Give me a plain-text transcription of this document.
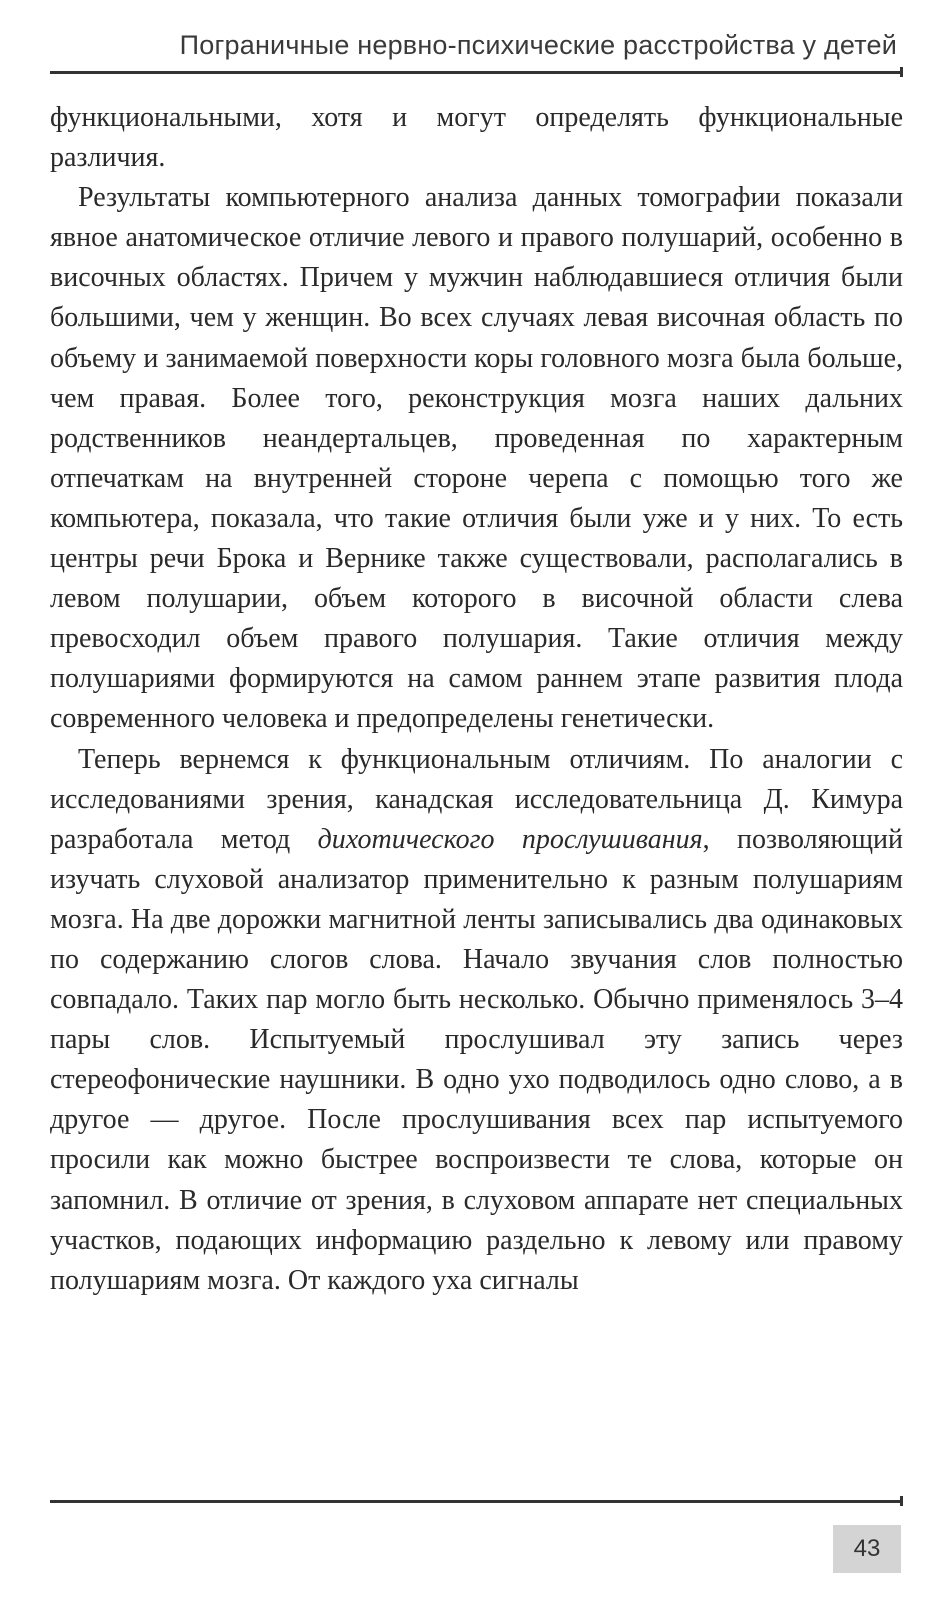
Пограничные нервно-психические расстройства у детей

функциональными, хотя и могут определять функциональные различия.

Результаты компьютерного анализа данных томографии показали явное анатомическое отличие левого и правого полушарий, особенно в височных областях. Причем у мужчин наблюдавшиеся отличия были большими, чем у женщин. Во всех случаях левая височная область по объему и занимаемой поверхности коры головного мозга была больше, чем правая. Более того, реконструкция мозга наших дальних родственников неандертальцев, проведенная по характерным отпечаткам на внутренней стороне черепа с помощью того же компьютера, показала, что такие отличия были уже и у них. То есть центры речи Брока и Вернике также существовали, располагались в левом полушарии, объем которого в височной области слева превосходил объем правого полушария. Такие отличия между полушариями формируются на самом раннем этапе развития плода современного человека и предопределены генетически.

Теперь вернемся к функциональным отличиям. По аналогии с исследованиями зрения, канадская исследовательница Д. Кимура разработала метод дихотического прослушивания, позволяющий изучать слуховой анализатор применительно к разным полушариям мозга. На две дорожки магнитной ленты записывались два одинаковых по содержанию слогов слова. Начало звучания слов полностью совпадало. Таких пар могло быть несколько. Обычно применялось 3–4 пары слов. Испытуемый прослушивал эту запись через стереофонические наушники. В одно ухо подводилось одно слово, а в другое — другое. После прослушивания всех пар испытуемого просили как можно быстрее воспроизвести те слова, которые он запомнил. В отличие от зрения, в слуховом аппарате нет специальных участков, подающих информацию раздельно к левому или правому полушариям мозга. От каждого уха сигналы

43
